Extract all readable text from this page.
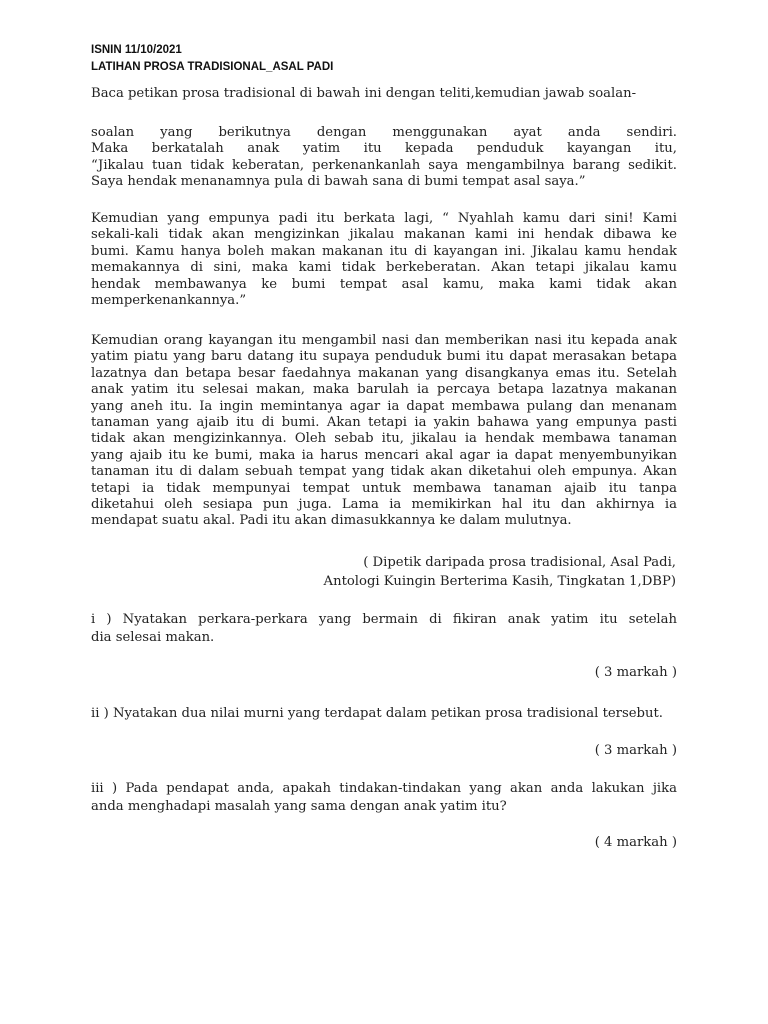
ISNIN 11/10/2021
LATIHAN PROSA TRADISIONAL_ASAL PADI
Baca petikan prosa tradisional di bawah ini dengan teliti,kemudian jawab soalan-
soalan yang berikutnya dengan menggunakan ayat anda sendiri.
Maka berkatalah anak yatim itu kepada penduduk kayangan itu,
“Jikalau tuan tidak keberatan, perkenankanlah saya mengambilnya barang sedikit.
Saya hendak menanamnya pula di bawah sana di bumi tempat asal saya.”
Kemudian yang empunya padi itu berkata lagi, “ Nyahlah kamu dari sini! Kami
sekali-kali tidak akan mengizinkan jikalau makanan kami ini hendak dibawa ke
bumi. Kamu hanya boleh makan makanan itu di kayangan ini. Jikalau kamu hendak
memakannya di sini, maka kami tidak berkeberatan. Akan tetapi jikalau kamu
hendak membawanya ke bumi tempat asal kamu, maka kami tidak akan
memperkenankannya.”
Kemudian orang kayangan itu mengambil nasi dan memberikan nasi itu kepada anak
yatim piatu yang baru datang itu supaya penduduk bumi itu dapat merasakan betapa
lazatnya dan betapa besar faedahnya makanan yang disangkanya emas itu. Setelah
anak yatim itu selesai makan, maka barulah ia percaya betapa lazatnya makanan
yang aneh itu. Ia ingin memintanya agar ia dapat membawa pulang dan menanam
tanaman yang ajaib itu di bumi. Akan tetapi ia yakin bahawa yang empunya pasti
tidak akan mengizinkannya. Oleh sebab itu, jikalau ia hendak membawa tanaman
yang ajaib itu ke bumi, maka ia harus mencari akal agar ia dapat menyembunyikan
tanaman itu di dalam sebuah tempat yang tidak akan diketahui oleh empunya. Akan
tetapi ia tidak mempunyai tempat untuk membawa tanaman ajaib itu tanpa
diketahui oleh sesiapa pun juga. Lama ia memikirkan hal itu dan akhirnya ia
mendapat suatu akal. Padi itu akan dimasukkannya ke dalam mulutnya.
( Dipetik daripada prosa tradisional, Asal Padi,
Antologi Kuingin Berterima Kasih, Tingkatan 1,DBP)
i ) Nyatakan perkara-perkara yang bermain di fikiran anak yatim itu setelah
dia selesai makan.
( 3 markah )
ii ) Nyatakan dua nilai murni yang terdapat dalam petikan prosa tradisional tersebut.
( 3 markah )
iii ) Pada pendapat anda, apakah tindakan-tindakan yang akan anda lakukan jika
anda menghadapi masalah yang sama dengan anak yatim itu?
( 4 markah )
